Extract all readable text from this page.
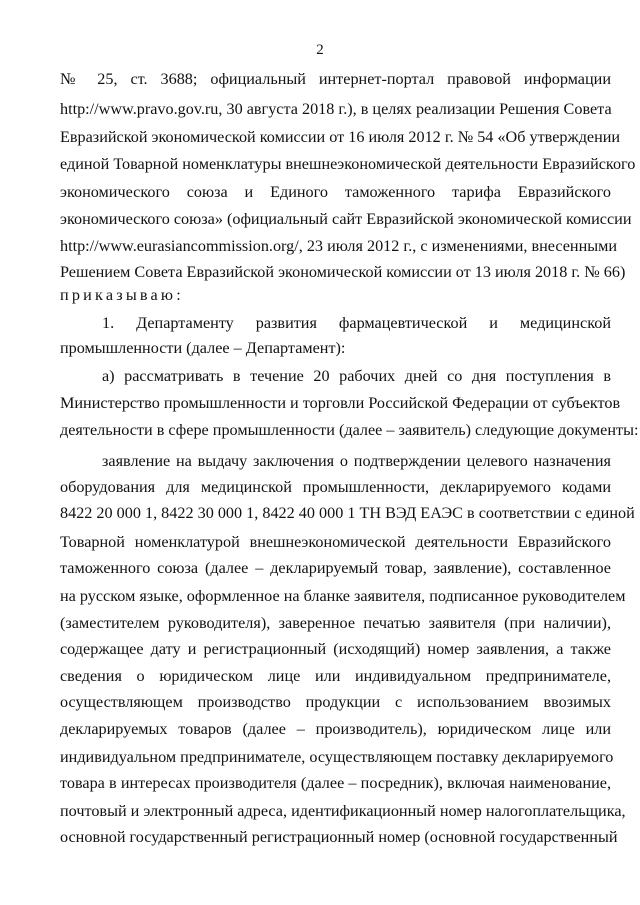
2
№ 25, ст. 3688; официальный интернет-портал правовой информации
http://www.pravo.gov.ru, 30 августа 2018 г.), в целях реализации Решения Совета
Евразийской экономической комиссии от 16 июля 2012 г. № 54 «Об утверждении
единой Товарной номенклатуры внешнеэкономической деятельности Евразийского
экономического союза и Единого таможенного тарифа Евразийского
экономического союза» (официальный сайт Евразийской экономической комиссии
http://www.eurasiancommission.org/, 23 июля 2012 г., с изменениями, внесенными
Решением Совета Евразийской экономической комиссии от 13 июля 2018 г. № 66)
приказываю:
1. Департаменту развития фармацевтической и медицинской
промышленности (далее – Департамент):
а) рассматривать в течение 20 рабочих дней со дня поступления в
Министерство промышленности и торговли Российской Федерации от субъектов
деятельности в сфере промышленности (далее – заявитель) следующие документы:
заявление на выдачу заключения о подтверждении целевого назначения
оборудования для медицинской промышленности, декларируемого кодами
8422 20 000 1, 8422 30 000 1, 8422 40 000 1 ТН ВЭД ЕАЭС в соответствии с единой
Товарной номенклатурой внешнеэкономической деятельности Евразийского
таможенного союза (далее – декларируемый товар, заявление), составленное
на русском языке, оформленное на бланке заявителя, подписанное руководителем
(заместителем руководителя), заверенное печатью заявителя (при наличии),
содержащее дату и регистрационный (исходящий) номер заявления, а также
сведения о юридическом лице или индивидуальном предпринимателе,
осуществляющем производство продукции с использованием ввозимых
декларируемых товаров (далее – производитель), юридическом лице или
индивидуальном предпринимателе, осуществляющем поставку декларируемого
товара в интересах производителя (далее – посредник), включая наименование,
почтовый и электронный адреса, идентификационный номер налогоплательщика,
основной государственный регистрационный номер (основной государственный
